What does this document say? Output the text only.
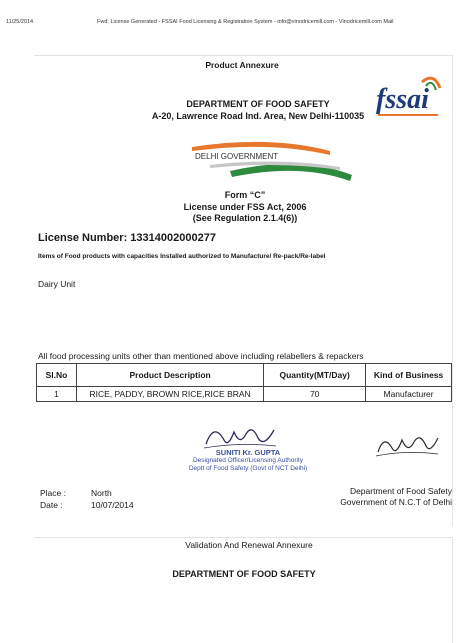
11/25/2014	Fwd: License Generated - FSSAI Food Licensing & Registration System - info@vinodricemill.com - Vinodricemill.com Mail
Product Annexure
DEPARTMENT OF FOOD SAFETY
A-20, Lawrence Road Ind. Area, New Delhi-110035
fssai
DELHI GOVERNMENT
Form “C”
License under FSS Act, 2006
(See Regulation 2.1.4(6))
License Number: 13314002000277
Items of Food products with capacities Installed authorized to Manufacture/ Re-pack/Re-label
Dairy Unit
All food processing units other than mentioned above including relabellers & repackers
Sl.No	Product Description	Quantity(MT/Day)	Kind of Business
1	RICE, PADDY, BROWN RICE,RICE BRAN	70	Manufacturer
SUNITI Kr. GUPTA
Designated Officer/Licensing Authority
Deptt of Food Safety (Govt of NCT Delhi)
Place :	North
Date :	10/07/2014
Department of Food Safety
Government of N.C.T of Delhi
Validation And Renewal Annexure
DEPARTMENT OF FOOD SAFETY
